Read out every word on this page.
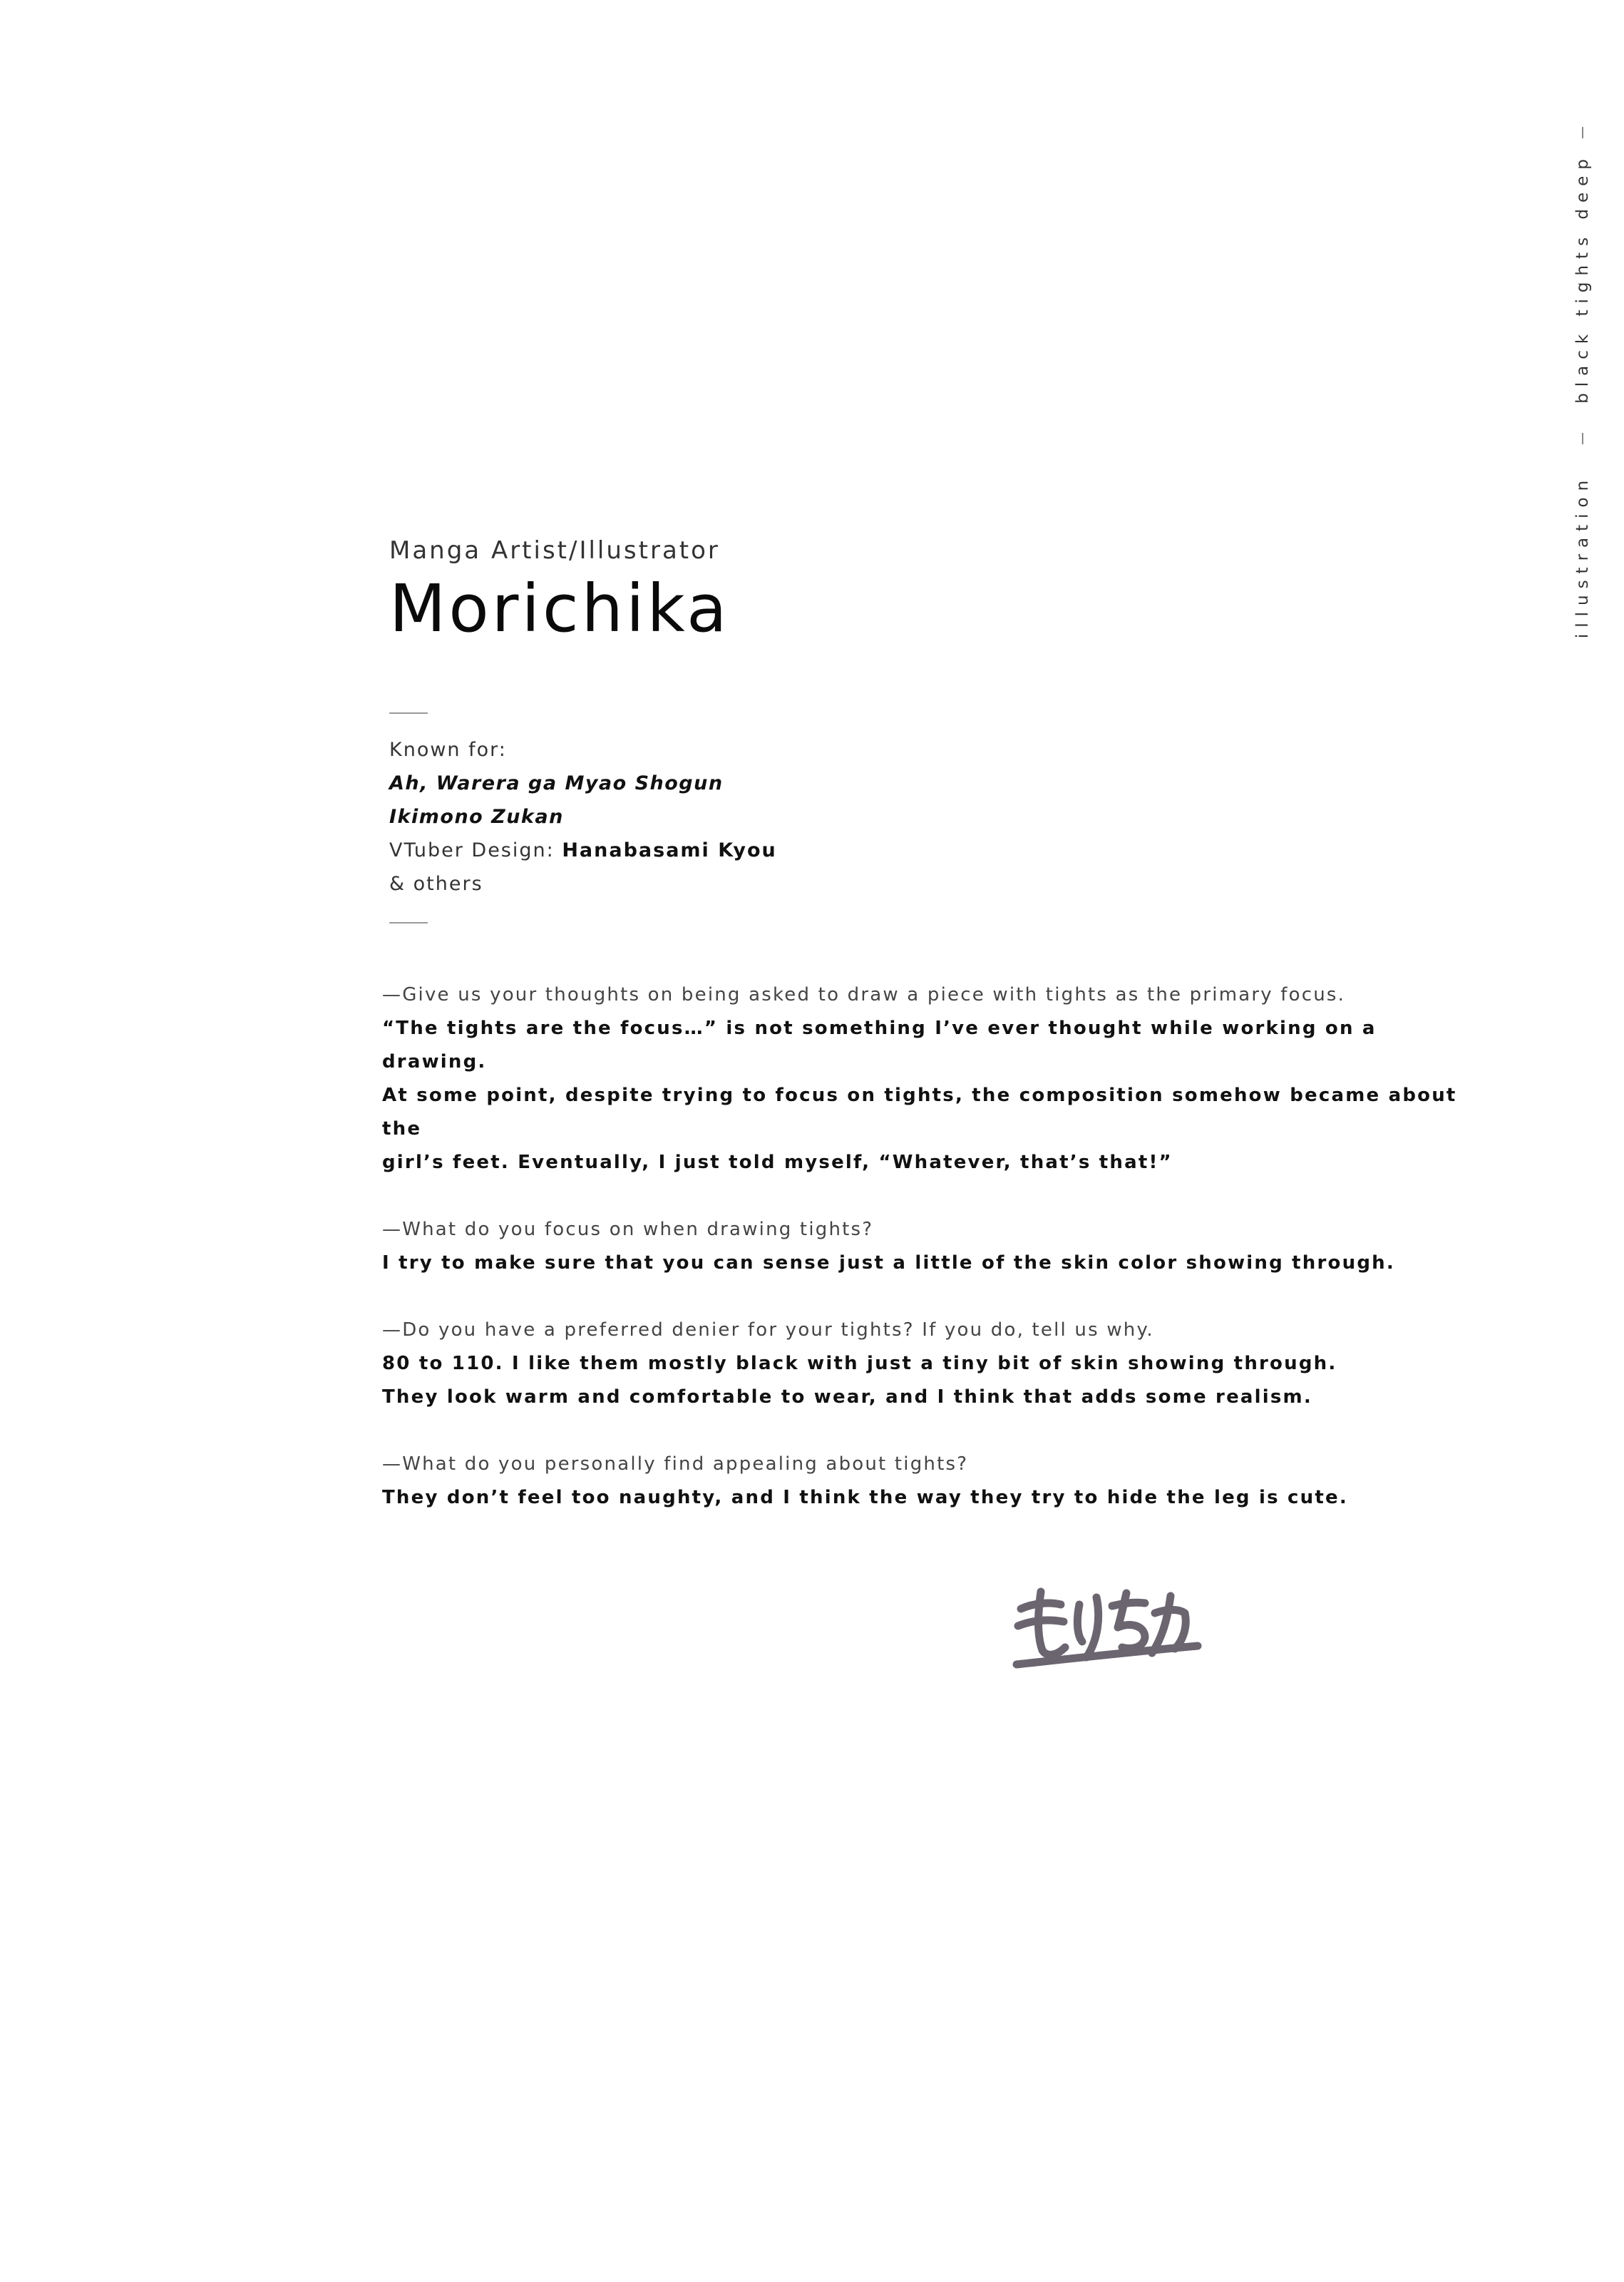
black tights deep
illustration
Manga Artist/Illustrator
Morichika
Known for:
Ah, Warera ga Myao Shogun
Ikimono Zukan
VTuber Design: Hanabasami Kyou
& others
—Give us your thoughts on being asked to draw a piece with tights as the primary focus.
“The tights are the focus…” is not something I’ve ever thought while working on a drawing.
At some point, despite trying to focus on tights, the composition somehow became about the
girl’s feet. Eventually, I just told myself, “Whatever, that’s that!”
—What do you focus on when drawing tights?
I try to make sure that you can sense just a little of the skin color showing through.
—Do you have a preferred denier for your tights? If you do, tell us why.
80 to 110. I like them mostly black with just a tiny bit of skin showing through.
They look warm and comfortable to wear, and I think that adds some realism.
—What do you personally find appealing about tights?
They don’t feel too naughty, and I think the way they try to hide the leg is cute.
